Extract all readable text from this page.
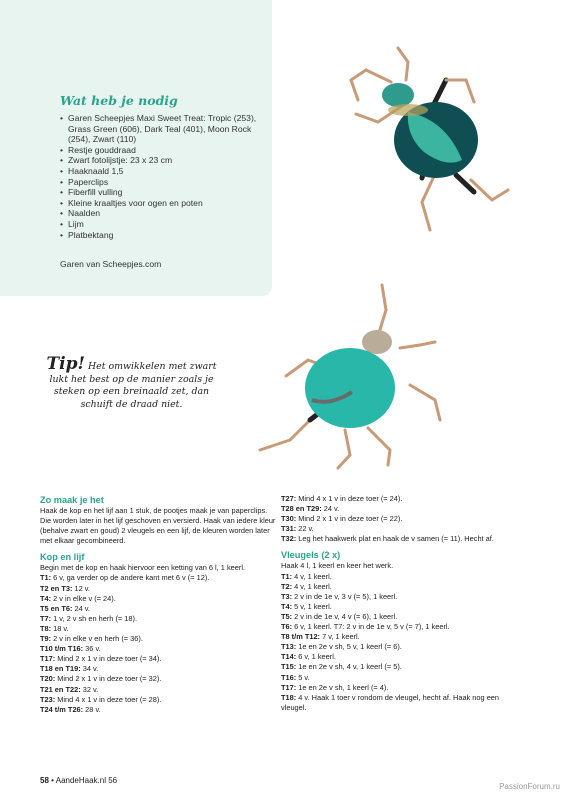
Wat heb je nodig
• Garen Scheepjes Maxi Sweet Treat: Tropic (253), Grass Green (606), Dark Teal (401), Moon Rock (254), Zwart (110)
• Restje gouddraad
• Zwart fotolijstje: 23 x 23 cm
• Haaknaald 1,5
• Paperclips
• Fiberfill vulling
• Kleine kraaltjes voor ogen en poten
• Naalden
• Lijm
• Platbektang
Garen van Scheepjes.com
Tip! Het omwikkelen met zwart lukt het best op de manier zoals je steken op een breinaald zet, dan schuift de draad niet.

Zo maak je het

Haak de kop en het lijf aan 1 stuk, de pootjes maak je van paperclips. Die worden later in het lijf geschoven en versierd. Haak van iedere kleur (behalve zwart en goud) 2 vleugels en een lijf, de kleuren worden later met elkaar gecombineerd.

Kop en lijf

Begin met de kop en haak hiervoor een ketting van 6 l, 1 keerl.

T1: 6 v, ga verder op de andere kant met 6 v (= 12).

T2 en T3: 12 v.

T4: 2 v in elke v (= 24).

T5 en T6: 24 v.

T7: 1 v, 2 v sh en herh (= 18).

T8: 18 v.

T9: 2 v in elke v en herh (= 36).

T10 t/m T16: 36 v.

T17: Mind 2 x 1 v in deze toer (= 34).

T18 en T19: 34 v.

T20: Mind 2 x 1 v in deze toer (= 32).

T21 en T22: 32 v.

T23: Mind 4 x 1 v in deze toer (= 28).

T24 t/m T26: 28 v.

T27: Mind 4 x 1 v in deze toer (= 24).

T28 en T29: 24 v.

T30: Mind 2 x 1 v in deze toer (= 22).

T31: 22 v.

T32: Leg het haakwerk plat en haak de v samen (= 11). Hecht af.

Vleugels (2 x)

Haak 4 l, 1 keerl en keer het werk.

T1: 4 v, 1 keerl.

T2: 4 v, 1 keerl.

T3: 2 v in de 1e v, 3 v (= 5), 1 keerl.

T4: 5 v, 1 keerl.

T5: 2 v in de 1e v, 4 v (= 6), 1 keerl.

T6: 6 v, 1 keerl. T7: 2 v in de 1e v, 5 v (= 7), 1 keerl.

T8 t/m T12: 7 v, 1 keerl.

T13: 1e en 2e v sh, 5 v, 1 keerl (= 6).

T14: 6 v, 1 keerl.

T15: 1e en 2e v sh, 4 v, 1 keerl (= 5).

T16: 5 v.

T17: 1e en 2e v sh, 1 keerl (= 4).

T18: 4 v. Haak 1 toer v rondom de vleugel, hecht af. Haak nog een vleugel.

58 • AandeHaak.nl 56
PassionForum.ru
